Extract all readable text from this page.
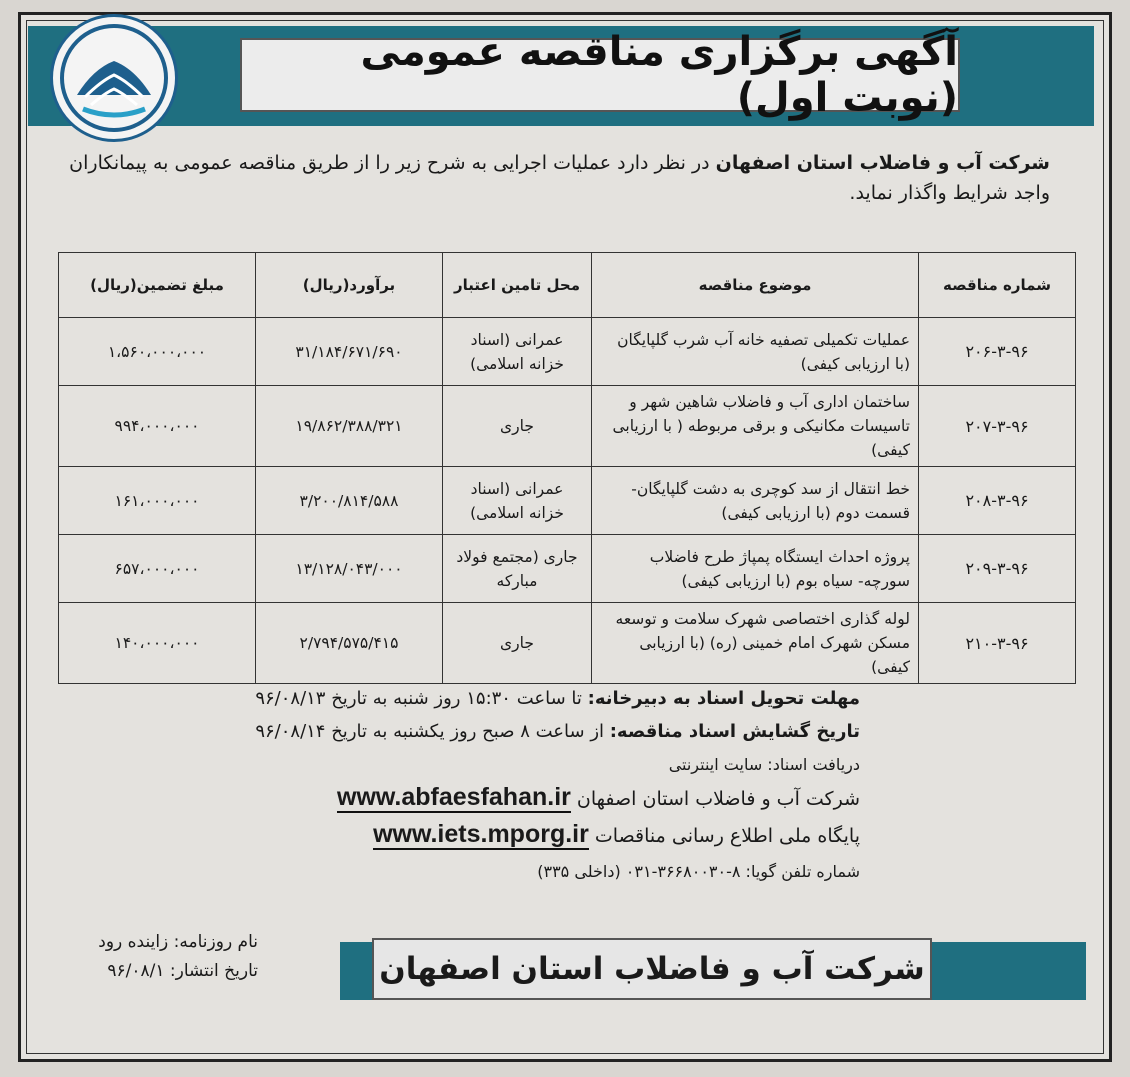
آگهی برگزاری مناقصه عمومی (نوبت اول)
شرکت آب و فاضلاب استان اصفهان در نظر دارد عملیات اجرایی به شرح زیر را از طریق مناقصه عمومی به پیمانکاران واجد شرایط واگذار نماید.
شماره مناقصه	موضوع مناقصه	محل تامین اعتبار	برآورد(ریال)	مبلغ تضمین(ریال)
۲۰۶-۳-۹۶	عملیات تکمیلی تصفیه خانه آب شرب گلپایگان (با ارزیابی کیفی)	عمرانی (اسناد خزانه اسلامی)	۳۱/۱۸۴/۶۷۱/۶۹۰	۱،۵۶۰،۰۰۰،۰۰۰
۲۰۷-۳-۹۶	ساختمان اداری آب و فاضلاب شاهین شهر و تاسیسات مکانیکی و برقی مربوطه ( با ارزیابی کیفی)	جاری	۱۹/۸۶۲/۳۸۸/۳۲۱	۹۹۴،۰۰۰،۰۰۰
۲۰۸-۳-۹۶	خط انتقال از سد کوچری به دشت گلپایگان- قسمت دوم (با ارزیابی کیفی)	عمرانی (اسناد خزانه اسلامی)	۳/۲۰۰/۸۱۴/۵۸۸	۱۶۱،۰۰۰،۰۰۰
۲۰۹-۳-۹۶	پروژه احداث ایستگاه پمپاژ طرح فاضلاب سورچه- سیاه بوم (با ارزیابی کیفی)	جاری (مجتمع فولاد مبارکه	۱۳/۱۲۸/۰۴۳/۰۰۰	۶۵۷،۰۰۰،۰۰۰
۲۱۰-۳-۹۶	لوله گذاری اختصاصی شهرک سلامت و توسعه مسکن شهرک امام خمینی (ره) (با ارزیابی کیفی)	جاری	۲/۷۹۴/۵۷۵/۴۱۵	۱۴۰،۰۰۰،۰۰۰
مهلت تحویل اسناد به دبیرخانه: تا ساعت ۱۵:۳۰ روز شنبه به تاریخ ۹۶/۰۸/۱۳
تاریخ گشایش اسناد مناقصه: از ساعت ۸ صبح روز یکشنبه به تاریخ ۹۶/۰۸/۱۴
دریافت اسناد: سایت اینترنتی
شرکت آب و فاضلاب استان اصفهان www.abfaesfahan.ir
پایگاه ملی اطلاع رسانی مناقصات www.iets.mporg.ir
شماره تلفن گویا: ۸-۳۶۶۸۰۰۳۰-۰۳۱ (داخلی ۳۳۵)
نام روزنامه: زاینده رود
تاریخ انتشار: ۹۶/۰۸/۱	شرکت آب و فاضلاب استان اصفهان
